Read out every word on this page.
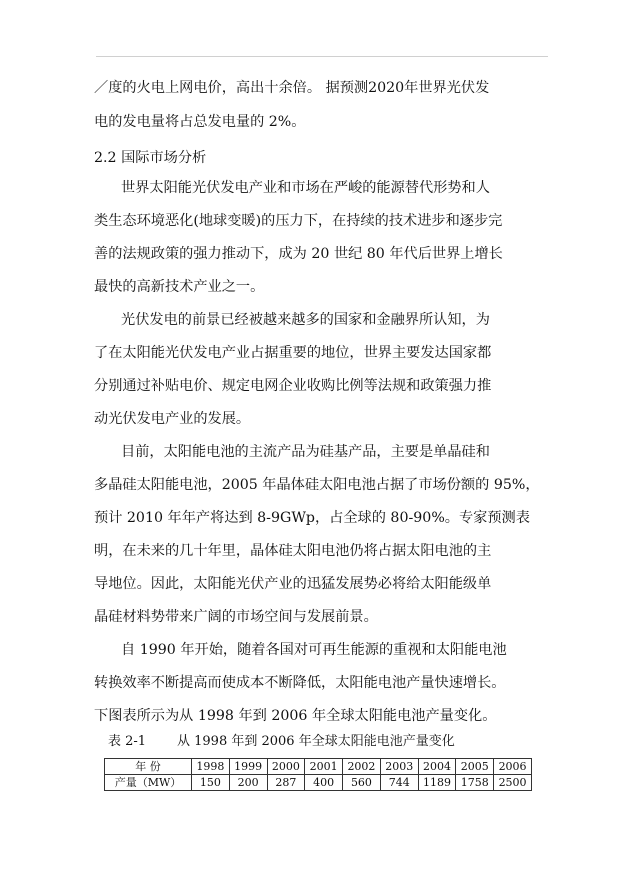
／度的火电上网电价，高出十余倍。 据预测2020年世界光伏发
电的发电量将占总发电量的 2%。
2.2 国际市场分析
世界太阳能光伏发电产业和市场在严峻的能源替代形势和人
类生态环境恶化(地球变暖)的压力下，在持续的技术进步和逐步完
善的法规政策的强力推动下，成为 20 世纪 80 年代后世界上增长
最快的高新技术产业之一。
光伏发电的前景已经被越来越多的国家和金融界所认知，为
了在太阳能光伏发电产业占据重要的地位，世界主要发达国家都
分别通过补贴电价、规定电网企业收购比例等法规和政策强力推
动光伏发电产业的发展。
目前，太阳能电池的主流产品为硅基产品，主要是单晶硅和
多晶硅太阳能电池，2005 年晶体硅太阳电池占据了市场份额的 95%，
预计 2010 年年产将达到 8-9GWp，占全球的 80-90%。专家预测表
明，在未来的几十年里，晶体硅太阳电池仍将占据太阳电池的主
导地位。因此，太阳能光伏产业的迅猛发展势必将给太阳能级单
晶硅材料势带来广阔的市场空间与发展前景。
自 1990 年开始，随着各国对可再生能源的重视和太阳能电池
转换效率不断提高而使成本不断降低，太阳能电池产量快速增长。
下图表所示为从 1998 年到 2006 年全球太阳能电池产量变化。
表 2-1 从 1998 年到 2006 年全球太阳能电池产量变化
年 份	1998	1999	2000	2001	2002	2003	2004	2005	2006
产量（MW）	150	200	287	400	560	744	1189	1758	2500
